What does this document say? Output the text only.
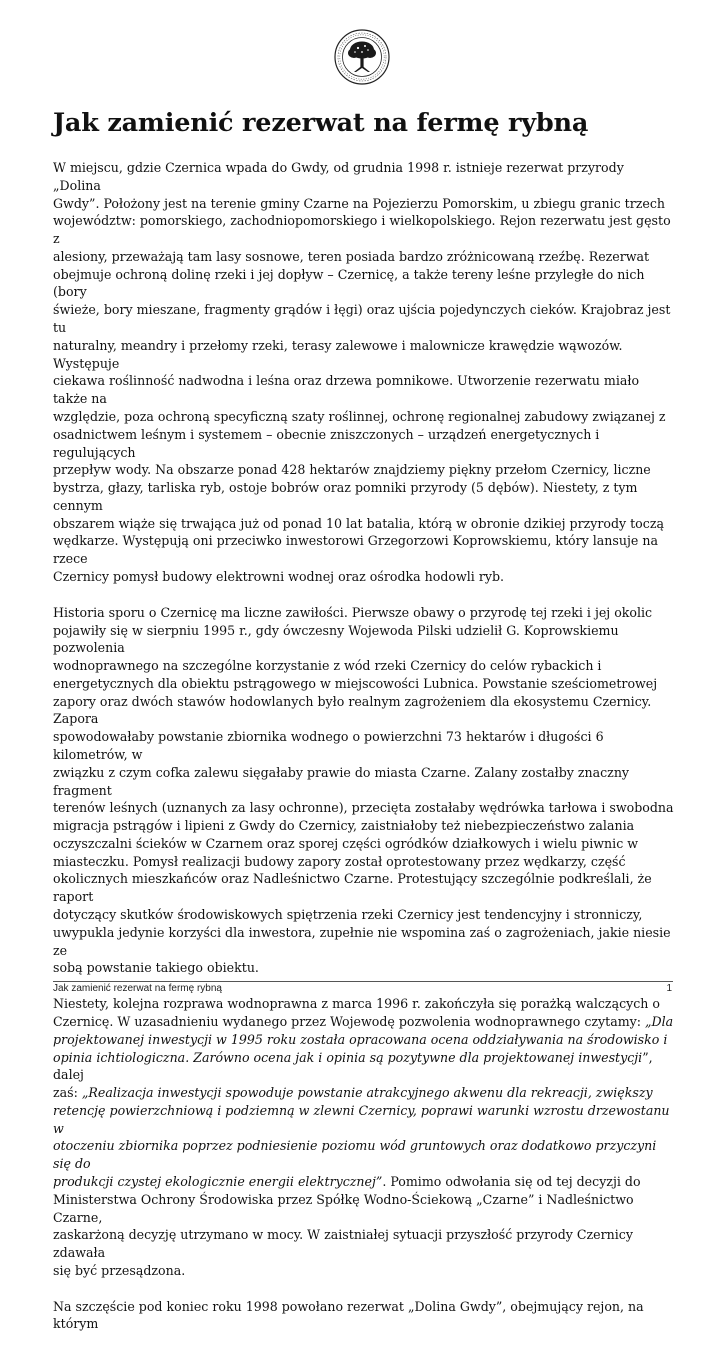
Jak zamienić rezerwat na fermę rybną

W miejscu, gdzie Czernica wpada do Gwdy, od grudnia 1998 r. istnieje rezerwat przyrody „Dolina
Gwdy”. Położony jest na terenie gminy Czarne na Pojezierzu Pomorskim, u zbiegu granic trzech
województw: pomorskiego, zachodniopomorskiego i wielkopolskiego. Rejon rezerwatu jest gęsto z
alesiony, przeważają tam lasy sosnowe, teren posiada bardzo zróżnicowaną rzeźbę. Rezerwat
obejmuje ochroną dolinę rzeki i jej dopływ – Czernicę, a także tereny leśne przyległe do nich (bory
świeże, bory mieszane, fragmenty grądów i łęgi) oraz ujścia pojedynczych cieków. Krajobraz jest tu
naturalny, meandry i przełomy rzeki, terasy zalewowe i malownicze krawędzie wąwozów. Występuje
ciekawa roślinność nadwodna i leśna oraz drzewa pomnikowe. Utworzenie rezerwatu miało także na
względzie, poza ochroną specyficzną szaty roślinnej, ochronę regionalnej zabudowy związanej z
osadnictwem leśnym i systemem – obecnie zniszczonych – urządzeń energetycznych i regulujących
przepływ wody. Na obszarze ponad 428 hektarów znajdziemy piękny przełom Czernicy, liczne
bystrza, głazy, tarliska ryb, ostoje bobrów oraz pomniki przyrody (5 dębów). Niestety, z tym cennym
obszarem wiąże się trwająca już od ponad 10 lat batalia, którą w obronie dzikiej przyrody toczą
wędkarze. Występują oni przeciwko inwestorowi Grzegorzowi Koprowskiemu, który lansuje na rzece
Czernicy pomysł budowy elektrowni wodnej oraz ośrodka hodowli ryb.

Historia sporu o Czernicę ma liczne zawiłości. Pierwsze obawy o przyrodę tej rzeki i jej okolic
pojawiły się w sierpniu 1995 r., gdy ówczesny Wojewoda Pilski udzielił G. Koprowskiemu pozwolenia
wodnoprawnego na szczególne korzystanie z wód rzeki Czernicy do celów rybackich i
energetycznych dla obiektu pstrągowego w miejscowości Lubnica. Powstanie sześciometrowej
zapory oraz dwóch stawów hodowlanych było realnym zagrożeniem dla ekosystemu Czernicy. Zapora
spowodowałaby powstanie zbiornika wodnego o powierzchni 73 hektarów i długości 6 kilometrów, w
związku z czym cofka zalewu sięgałaby prawie do miasta Czarne. Zalany zostałby znaczny fragment
terenów leśnych (uznanych za lasy ochronne), przecięta zostałaby wędrówka tarłowa i swobodna
migracja pstrągów i lipieni z Gwdy do Czernicy, zaistniałoby też niebezpieczeństwo zalania
oczyszczalni ścieków w Czarnem oraz sporej części ogródków działkowych i wielu piwnic w
miasteczku. Pomysł realizacji budowy zapory został oprotestowany przez wędkarzy, część
okolicznych mieszkańców oraz Nadleśnictwo Czarne. Protestujący szczególnie podkreślali, że raport
dotyczący skutków środowiskowych spiętrzenia rzeki Czernicy jest tendencyjny i stronniczy,
uwypukla jedynie korzyści dla inwestora, zupełnie nie wspomina zaś o zagrożeniach, jakie niesie ze
sobą powstanie takiego obiektu.

Niestety, kolejna rozprawa wodnoprawna z marca 1996 r. zakończyła się porażką walczących o
Czernicę. W uzasadnieniu wydanego przez Wojewodę pozwolenia wodnoprawnego czytamy: „Dla
projektowanej inwestycji w 1995 roku została opracowana ocena oddziaływania na środowisko i
opinia ichtiologiczna. Zarówno ocena jak i opinia są pozytywne dla projektowanej inwestycji”, dalej
zaś: „Realizacja inwestycji spowoduje powstanie atrakcyjnego akwenu dla rekreacji, zwiększy
retencję powierzchniową i podziemną w zlewni Czernicy, poprawi warunki wzrostu drzewostanu w
otoczeniu zbiornika poprzez podniesienie poziomu wód gruntowych oraz dodatkowo przyczyni się do
produkcji czystej ekologicznie energii elektrycznej”. Pomimo odwołania się od tej decyzji do
Ministerstwa Ochrony Środowiska przez Spółkę Wodno-Ściekową „Czarne” i Nadleśnictwo Czarne,
zaskarżoną decyzję utrzymano w mocy. W zaistniałej sytuacji przyszłość przyrody Czernicy zdawała
się być przesądzona.

Na szczęście pod koniec roku 1998 powołano rezerwat „Dolina Gwdy”, obejmujący rejon, na którym

Jak zamienić rezerwat na fermę rybną	1
